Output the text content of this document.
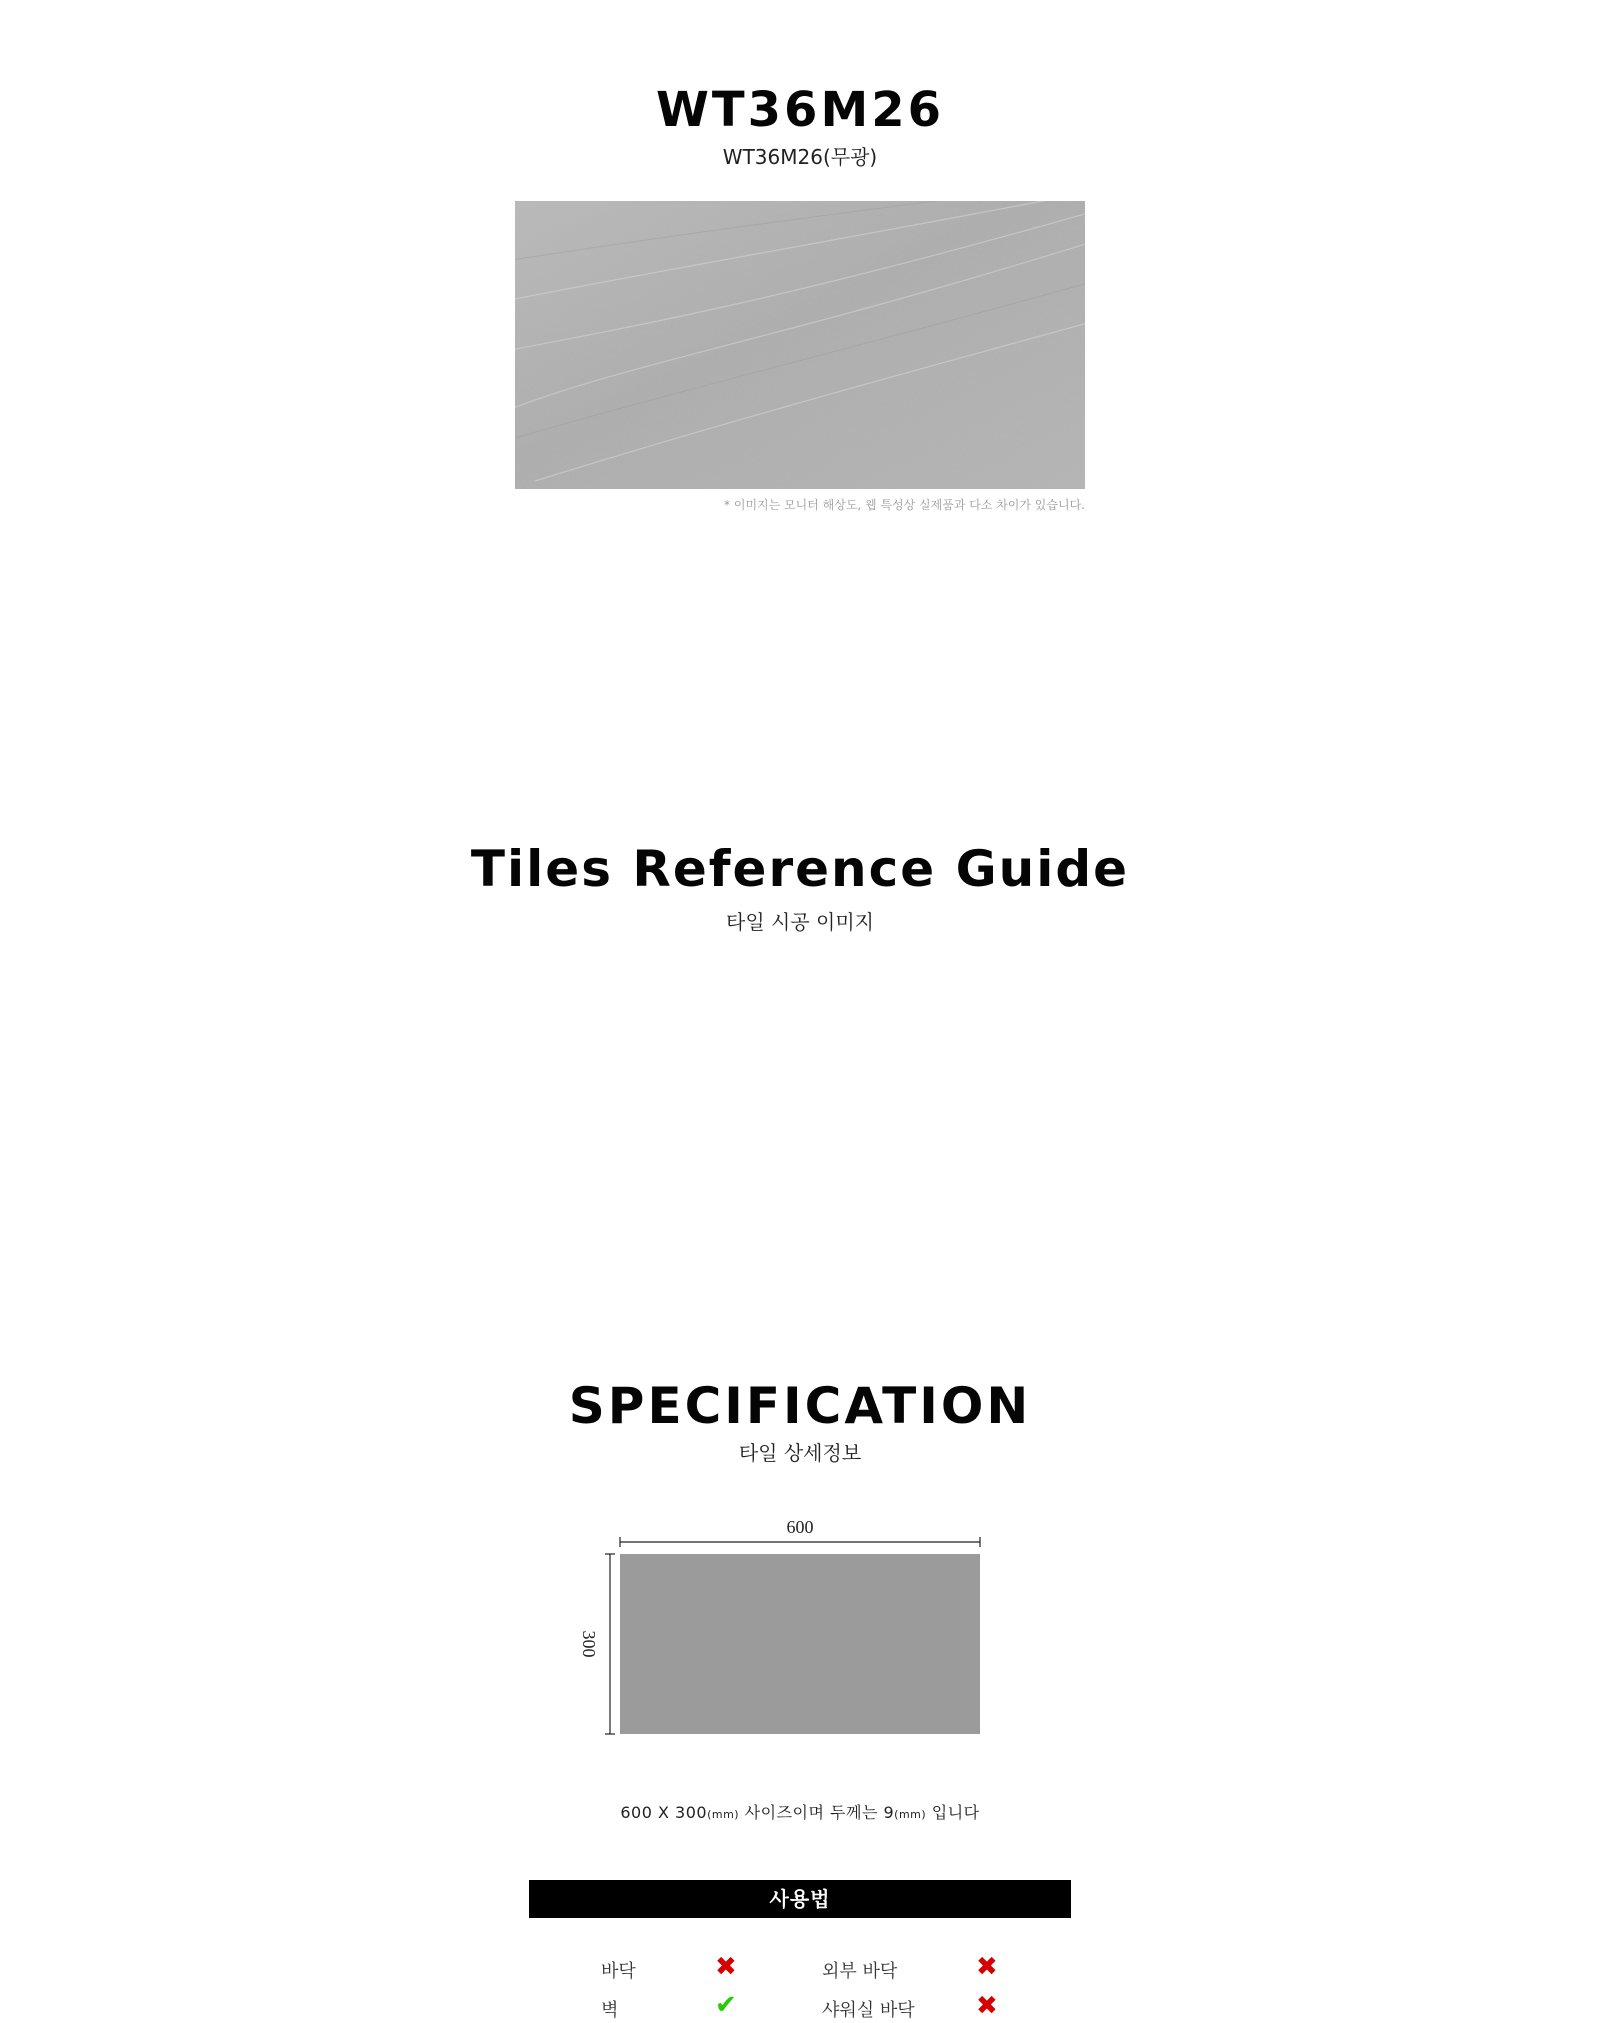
WT36M26
WT36M26(무광)
* 이미지는 모니터 해상도, 웹 특성상 실제품과 다소 차이가 있습니다.
Tiles Reference Guide
타일 시공 이미지
SPECIFICATION
타일 상세정보
600
300
600 X 300(mm) 사이즈이며 두께는 9(mm) 입니다
사용법
바닥	✖	외부 바닥	✖
벽	✔	샤워실 바닥 ✖
